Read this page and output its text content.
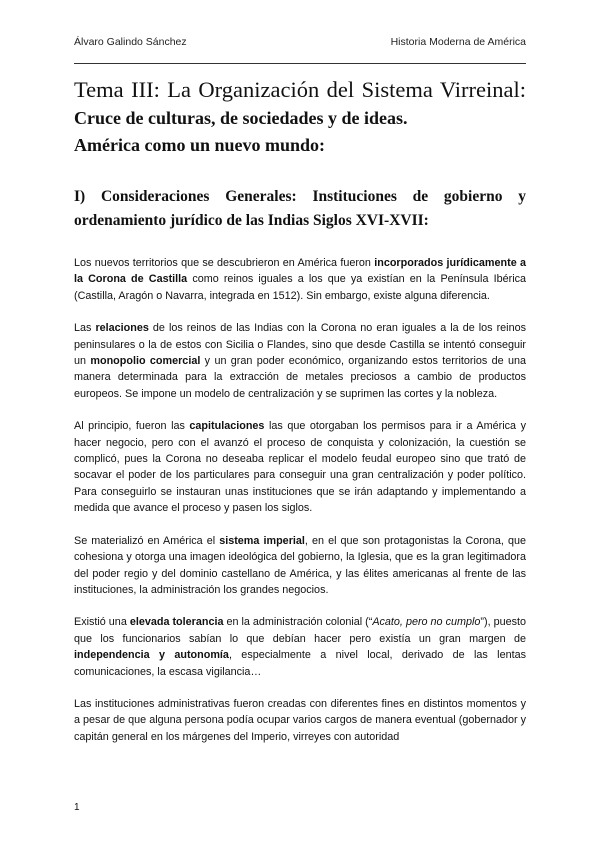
Álvaro Galindo Sánchez	Historia Moderna de América
Tema III: La Organización del Sistema Virreinal: Cruce de culturas, de sociedades y de ideas.
América como un nuevo mundo:
I) Consideraciones Generales: Instituciones de gobierno y ordenamiento jurídico de las Indias Siglos XVI-XVII:

Los nuevos territorios que se descubrieron en América fueron incorporados jurídicamente a la Corona de Castilla como reinos iguales a los que ya existían en la Península Ibérica (Castilla, Aragón o Navarra, integrada en 1512). Sin embargo, existe alguna diferencia.

Las relaciones de los reinos de las Indias con la Corona no eran iguales a la de los reinos peninsulares o la de estos con Sicilia o Flandes, sino que desde Castilla se intentó conseguir un monopolio comercial y un gran poder económico, organizando estos territorios de una manera determinada para la extracción de metales preciosos a cambio de productos europeos. Se impone un modelo de centralización y se suprimen las cortes y la nobleza.

Al principio, fueron las capitulaciones las que otorgaban los permisos para ir a América y hacer negocio, pero con el avanzó el proceso de conquista y colonización, la cuestión se complicó, pues la Corona no deseaba replicar el modelo feudal europeo sino que trató de socavar el poder de los particulares para conseguir una gran centralización y poder político. Para conseguirlo se instauran unas instituciones que se irán adaptando y implementando a medida que avance el proceso y pasen los siglos.

Se materializó en América el sistema imperial, en el que son protagonistas la Corona, que cohesiona y otorga una imagen ideológica del gobierno, la Iglesia, que es la gran legitimadora del poder regio y del dominio castellano de América, y las élites americanas al frente de las instituciones, la administración los grandes negocios.

Existió una elevada tolerancia en la administración colonial (“Acato, pero no cumplo”), puesto que los funcionarios sabían lo que debían hacer pero existía un gran margen de independencia y autonomía, especialmente a nivel local, derivado de las lentas comunicaciones, la escasa vigilancia…

Las instituciones administrativas fueron creadas con diferentes fines en distintos momentos y a pesar de que alguna persona podía ocupar varios cargos de manera eventual (gobernador y capitán general en los márgenes del Imperio, virreyes con autoridad

1
